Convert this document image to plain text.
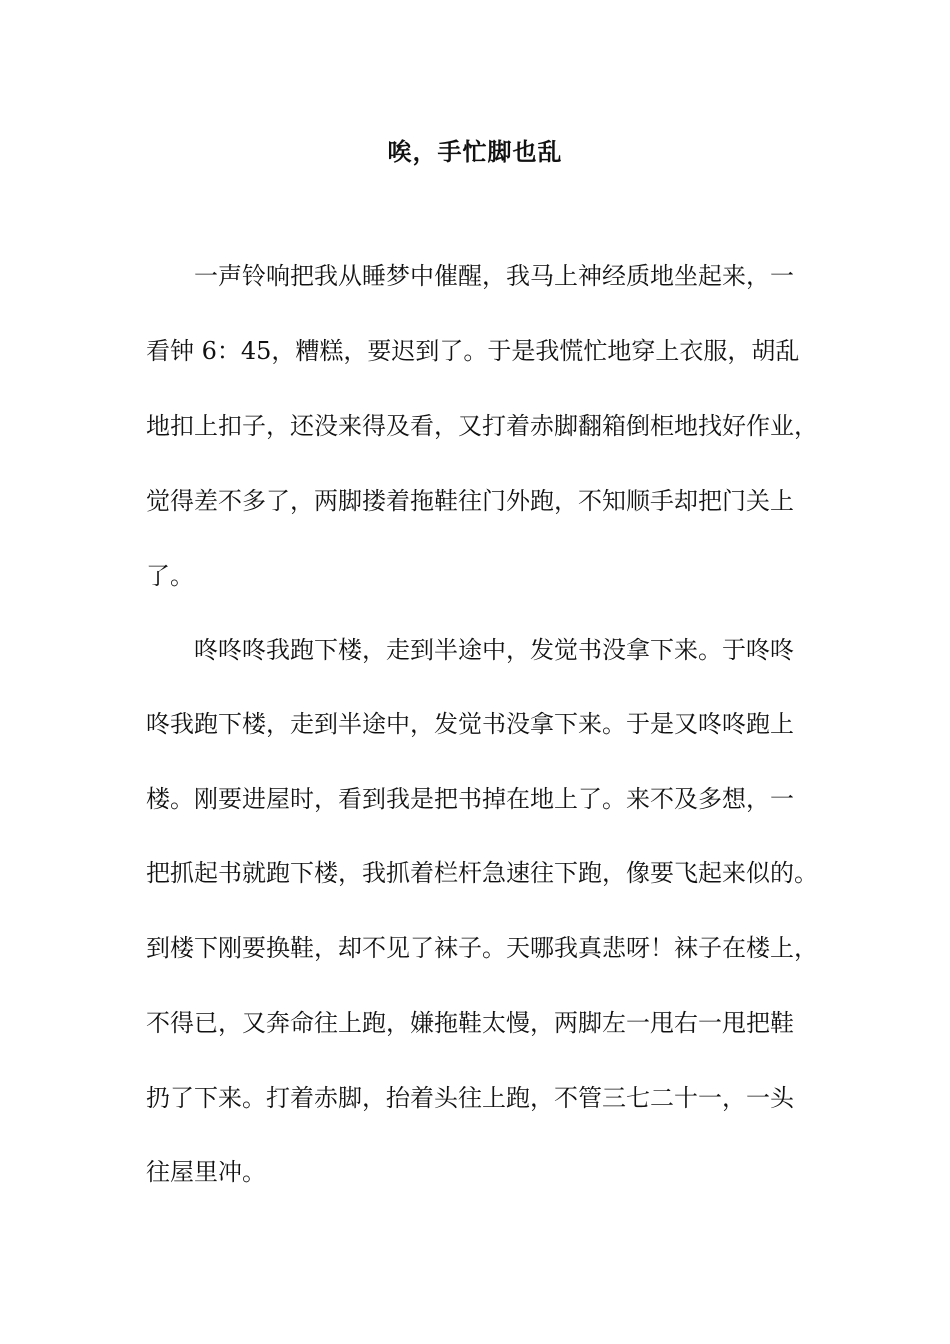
唉，手忙脚也乱
　　一声铃响把我从睡梦中催醒，我马上神经质地坐起来，一
看钟 6：45，糟糕，要迟到了。于是我慌忙地穿上衣服，胡乱
地扣上扣子，还没来得及看，又打着赤脚翻箱倒柜地找好作业，
觉得差不多了，两脚搂着拖鞋往门外跑，不知顺手却把门关上
了。
　　咚咚咚我跑下楼，走到半途中，发觉书没拿下来。于咚咚
咚我跑下楼，走到半途中，发觉书没拿下来。于是又咚咚跑上
楼。刚要进屋时，看到我是把书掉在地上了。来不及多想，一
把抓起书就跑下楼，我抓着栏杆急速往下跑，像要飞起来似的。
到楼下刚要换鞋，却不见了袜子。天哪我真悲呀！袜子在楼上，
不得已，又奔命往上跑，嫌拖鞋太慢，两脚左一甩右一甩把鞋
扔了下来。打着赤脚，抬着头往上跑，不管三七二十一，一头
往屋里冲。
